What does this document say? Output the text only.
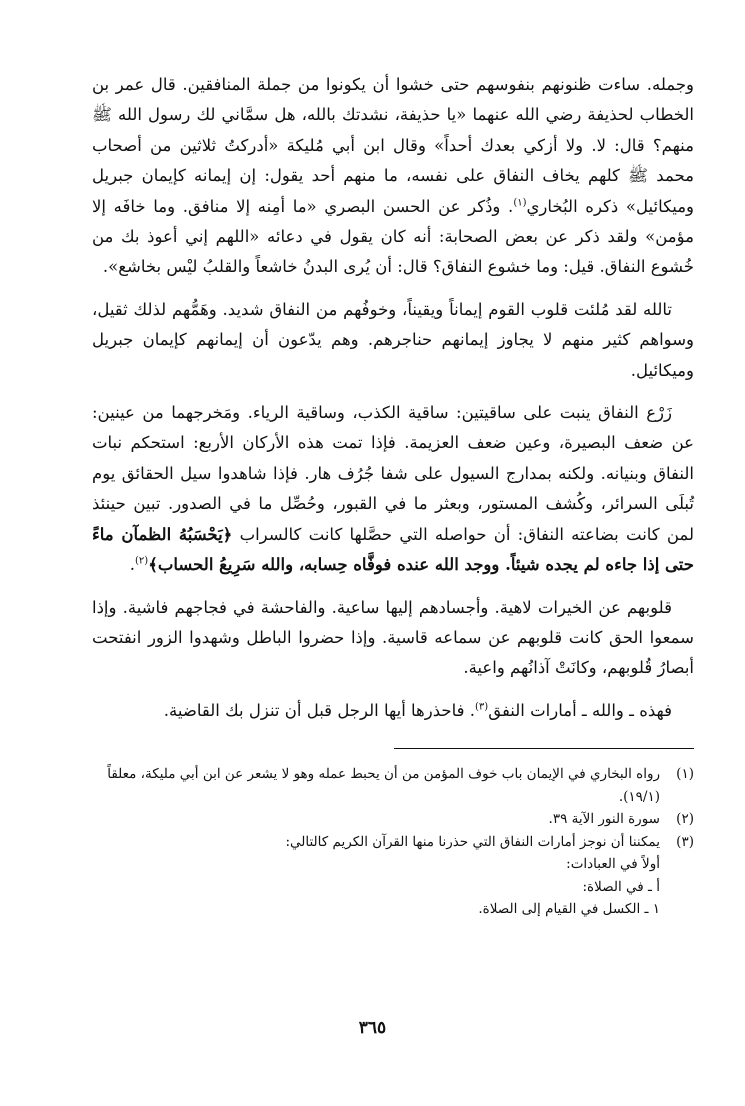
وجمله. ساءت ظنونهم بنفوسهم حتى خشوا أن يكونوا من جملة المنافقين. قال عمر بن الخطاب لحذيفة رضي الله عنهما «يا حذيفة، نشدتك بالله، هل سمَّاني لك رسول الله ﷺ منهم؟ قال: لا. ولا أزكي بعدك أحداً» وقال ابن أبي مُليكة «أدركتُ ثلاثين من أصحاب محمد ﷺ كلهم يخاف النفاق على نفسه، ما منهم أحد يقول: إن إيمانه كإيمان جبريل وميكائيل» ذكره البُخاري$^{(١)}$. وذُكر عن الحسن البصري «ما أمِنه إلا منافق. وما خافَه إلا مؤمن» ولقد ذكر عن بعض الصحابة: أنه كان يقول في دعائه «اللهم إني أعوذ بك من خُشوع النفاق. قيل: وما خشوع النفاق؟ قال: أن يُرى البدنُ خاشعاً والقلبُ ليْس بخاشع».

تالله لقد مُلئت قلوب القوم إيماناً ويقيناً، وخوفُهم من النفاق شديد. وهَمُّهم لذلك ثقيل، وسواهم كثير منهم لا يجاوز إيمانهم حناجرهم. وهم يدّعون أن إيمانهم كإيمان جبريل وميكائيل.

زَرْع النفاق ينبت على ساقيتين: ساقية الكذب، وساقية الرياء. ومَخرجهما من عينين: عن ضعف البصيرة، وعين ضعف العزيمة. فإذا تمت هذه الأركان الأربع: استحكم نبات النفاق وبنيانه. ولكنه بمدارج السيول على شفا جُرُف هار. فإذا شاهدوا سيل الحقائق يوم تُبلَى السرائر، وكُشف المستور، وبعثر ما في القبور، وحُصِّل ما في الصدور. تبين حينئذ لمن كانت بضاعته النفاق: أن حواصله التي حصَّلها كانت كالسراب ﴿يَحْسَبُهُ الظمآن ماءً حتى إذا جاءه لم يجده شيئاً. ووجد الله عنده فوفَّاه حِسابه، والله سَرِيعُ الحساب﴾$^{(٢)}$.

قلوبهم عن الخيرات لاهية. وأجسادهم إليها ساعية. والفاحشة في فجاجهم فاشية. وإذا سمعوا الحق كانت قلوبهم عن سماعه قاسية. وإذا حضروا الباطل وشهدوا الزور انفتحت أبصارُ قُلوبهم، وكانَتْ آذانُهم واعية.

فهذه ـ والله ـ أمارات النفق$^{(٣)}$. فاحذرها أيها الرجل قبل أن تنزل بك القاضية.

(١)
رواه البخاري في الإيمان باب خوف المؤمن من أن يحبط عمله وهو لا يشعر عن ابن أبي مليكة، معلقاً (١٩/١).
(٢)
سورة النور الآية ٣٩.
(٣)
يمكننا أن نوجز أمارات النفاق التي حذرنا منها القرآن الكريم كالتالي:
أولاً في العبادات:
أ ـ في الصلاة:
١ ـ الكسل في القيام إلى الصلاة.
٣٦٥
